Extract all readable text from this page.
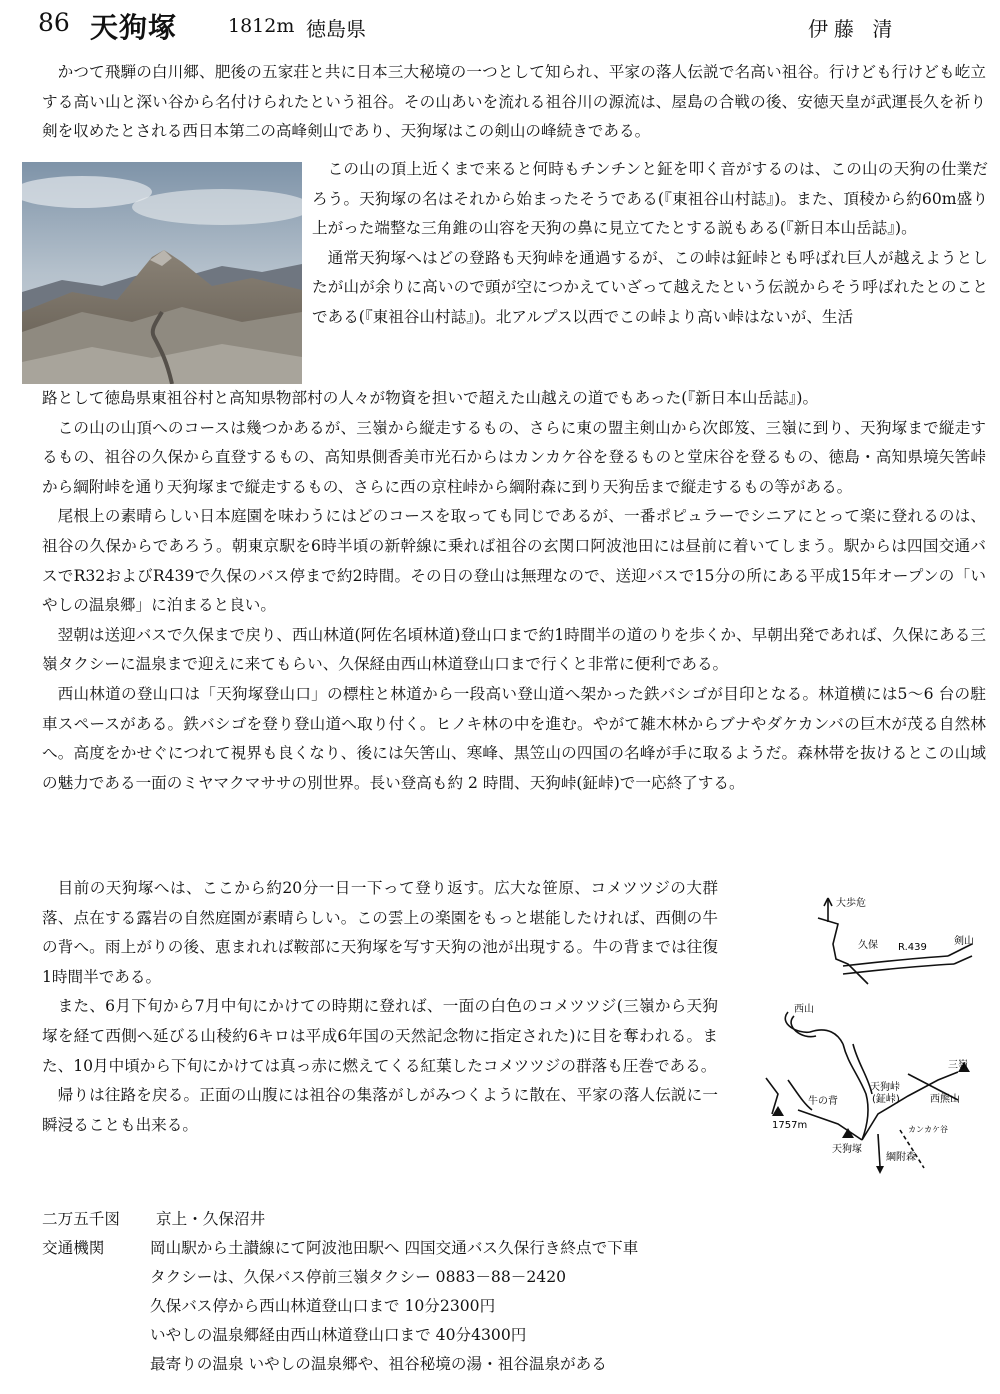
86 天狗塚	1812m 徳島県	伊藤 清

かつて飛騨の白川郷、肥後の五家荘と共に日本三大秘境の一つとして知られ、平家の落人伝説で名高い祖谷。行けども行けども屹立する高い山と深い谷から名付けられたという祖谷。その山あいを流れる祖谷川の源流は、屋島の合戦の後、安徳天皇が武運長久を祈り剣を収めたとされる西日本第二の高峰剣山であり、天狗塚はこの剣山の峰続きである。

この山の頂上近くまで来ると何時もチンチンと鉦を叩く音がするのは、この山の天狗の仕業だろう。天狗塚の名はそれから始まったそうである(『東祖谷山村誌』)。また、頂稜から約60m盛り上がった端整な三角錐の山容を天狗の鼻に見立てたとする説もある(『新日本山岳誌』)。

通常天狗塚へはどの登路も天狗峠を通過するが、この峠は鉦峠とも呼ばれ巨人が越えようとしたが山が余りに高いので頭が空につかえていざって越えたという伝説からそう呼ばれたとのことである(『東祖谷山村誌』)。北アルプス以西でこの峠より高い峠はないが、生活

路として徳島県東祖谷村と高知県物部村の人々が物資を担いで超えた山越えの道でもあった(『新日本山岳誌』)。

この山の山頂へのコースは幾つかあるが、三嶺から縦走するもの、さらに東の盟主剣山から次郎笈、三嶺に到り、天狗塚まで縦走するもの、祖谷の久保から直登するもの、高知県側香美市光石からはカンカケ谷を登るものと堂床谷を登るもの、徳島・高知県境矢筈峠から綱附峠を通り天狗塚まで縦走するもの、さらに西の京柱峠から綱附森に到り天狗岳まで縦走するもの等がある。

尾根上の素晴らしい日本庭園を味わうにはどのコースを取っても同じであるが、一番ポピュラーでシニアにとって楽に登れるのは、祖谷の久保からであろう。朝東京駅を6時半頃の新幹線に乗れば祖谷の玄関口阿波池田には昼前に着いてしまう。駅からは四国交通バスでR32およびR439で久保のバス停まで約2時間。その日の登山は無理なので、送迎バスで15分の所にある平成15年オープンの「いやしの温泉郷」に泊まると良い。

翌朝は送迎バスで久保まで戻り、西山林道(阿佐名頃林道)登山口まで約1時間半の道のりを歩くか、早朝出発であれば、久保にある三嶺タクシーに温泉まで迎えに来てもらい、久保経由西山林道登山口まで行くと非常に便利である。

西山林道の登山口は「天狗塚登山口」の標柱と林道から一段高い登山道へ架かった鉄バシゴが目印となる。林道横には5～6 台の駐車スペースがある。鉄バシゴを登り登山道へ取り付く。ヒノキ林の中を進む。やがて雑木林からブナやダケカンバの巨木が茂る自然林へ。高度をかせぐにつれて視界も良くなり、後には矢筈山、寒峰、黒笠山の四国の名峰が手に取るようだ。森林帯を抜けるとこの山域の魅力である一面のミヤマクマササの別世界。長い登高も約 2 時間、天狗峠(鉦峠)で一応終了する。

目前の天狗塚へは、ここから約20分一日一下って登り返す。広大な笹原、コメツツジの大群落、点在する露岩の自然庭園が素晴らしい。この雲上の楽園をもっと堪能したければ、西側の牛の背へ。雨上がりの後、恵まれれば鞍部に天狗塚を写す天狗の池が出現する。牛の背までは往復1時間半である。

また、6月下旬から7月中旬にかけての時期に登れば、一面の白色のコメツツジ(三嶺から天狗塚を経て西側へ延びる山稜約6キロは平成6年国の天然記念物に指定された)に目を奪われる。また、10月中頃から下旬にかけては真っ赤に燃えてくる紅葉したコメツツジの群落も圧巻である。

帰りは往路を戻る。正面の山腹には祖谷の集落がしがみつくように散在、平家の落人伝説に一瞬浸ることも出来る。

大歩危
久保 R.439
剣山
西山
三嶺
牛の背
天狗峠
(鉦峠)	西熊山
1757m
天狗塚
綱附森
カンカケ谷
二万五千図 京上・久保沼井
交通機関	岡山駅から土讃線にて阿波池田駅へ 四国交通バス久保行き終点で下車
タクシーは、久保バス停前三嶺タクシー 0883－88－2420
久保バス停から西山林道登山口まで 10分2300円
いやしの温泉郷経由西山林道登山口まで 40分4300円
最寄りの温泉 いやしの温泉郷や、祖谷秘境の湯・祖谷温泉がある
